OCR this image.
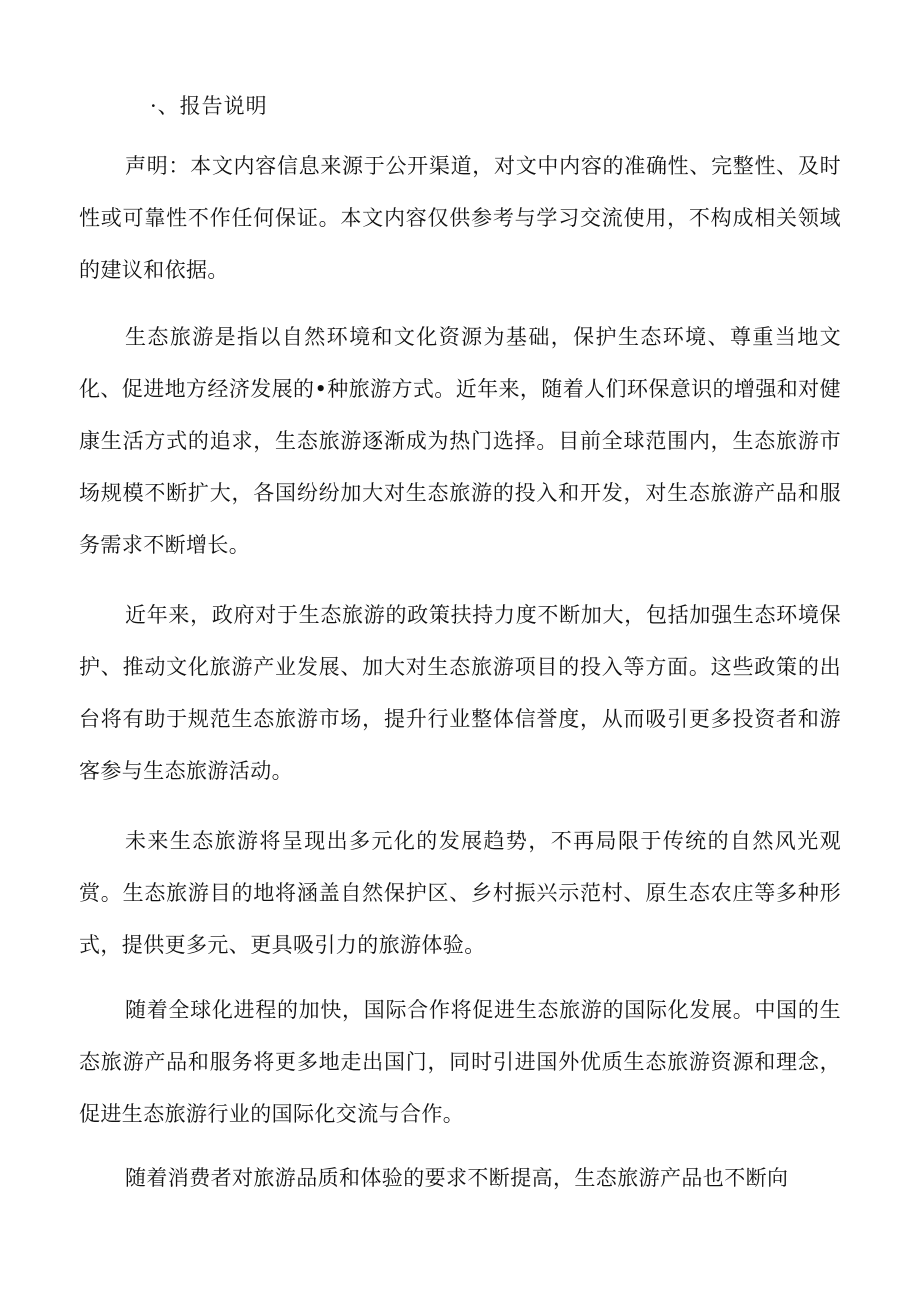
·、报告说明

声明：本文内容信息来源于公开渠道，对文中内容的准确性、完整性、及时性或可靠性不作任何保证。本文内容仅供参考与学习交流使用，不构成相关领域的建议和依据。

生态旅游是指以自然环境和文化资源为基础，保护生态环境、尊重当地文化、促进地方经济发展的•种旅游方式。近年来，随着人们环保意识的增强和对健康生活方式的追求，生态旅游逐渐成为热门选择。目前全球范围内，生态旅游市场规模不断扩大，各国纷纷加大对生态旅游的投入和开发，对生态旅游产品和服务需求不断增长。

近年来，政府对于生态旅游的政策扶持力度不断加大，包括加强生态环境保护、推动文化旅游产业发展、加大对生态旅游项目的投入等方面。这些政策的出台将有助于规范生态旅游市场，提升行业整体信誉度，从而吸引更多投资者和游客参与生态旅游活动。

未来生态旅游将呈现出多元化的发展趋势，不再局限于传统的自然风光观赏。生态旅游目的地将涵盖自然保护区、乡村振兴示范村、原生态农庄等多种形式，提供更多元、更具吸引力的旅游体验。

随着全球化进程的加快，国际合作将促进生态旅游的国际化发展。中国的生态旅游产品和服务将更多地走出国门，同时引进国外优质生态旅游资源和理念，促进生态旅游行业的国际化交流与合作。

随着消费者对旅游品质和体验的要求不断提高，生态旅游产品也不断向
